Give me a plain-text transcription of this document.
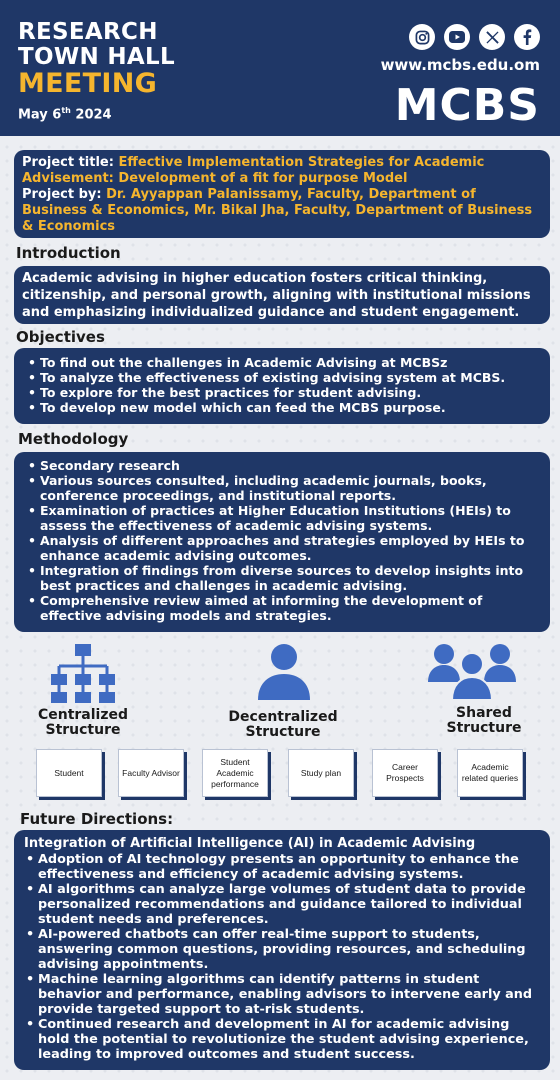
RESEARCH
TOWN HALL
MEETING
May 6th 2024
www.mcbs.edu.om
MCBS
Project title: Effective Implementation Strategies for Academic Advisement: Development of a fit for purpose Model
Project by: Dr. Ayyappan Palanissamy, Faculty, Department of Business & Economics, Mr. Bikal Jha, Faculty, Department of Business & Economics
Introduction
Academic advising in higher education fosters critical thinking, citizenship, and personal growth, aligning with institutional missions and emphasizing individualized guidance and student engagement.
Objectives
• To find out the challenges in Academic Advising at MCBSz
• To analyze the effectiveness of existing advising system at MCBS.
• To explore for the best practices for student advising.
• To develop new model which can feed the MCBS purpose.
Methodology
• Secondary research
• Various sources consulted, including academic journals, books, conference proceedings, and institutional reports.
• Examination of practices at Higher Education Institutions (HEIs) to assess the effectiveness of academic advising systems.
• Analysis of different approaches and strategies employed by HEIs to enhance academic advising outcomes.
• Integration of findings from diverse sources to develop insights into best practices and challenges in academic advising.
• Comprehensive review aimed at informing the development of effective advising models and strategies.
Centralized Structure
Decentralized Structure
Shared Structure
Student	Faculty Advisor
Student Academic performance
Study plan
Career Prospects
Academic related queries
Future Directions:
Integration of Artificial Intelligence (AI) in Academic Advising
• Adoption of AI technology presents an opportunity to enhance the effectiveness and efficiency of academic advising systems.
• AI algorithms can analyze large volumes of student data to provide personalized recommendations and guidance tailored to individual student needs and preferences.
• AI-powered chatbots can offer real-time support to students, answering common questions, providing resources, and scheduling advising appointments.
• Machine learning algorithms can identify patterns in student behavior and performance, enabling advisors to intervene early and provide targeted support to at-risk students.
• Continued research and development in AI for academic advising hold the potential to revolutionize the student advising experience, leading to improved outcomes and student success.
